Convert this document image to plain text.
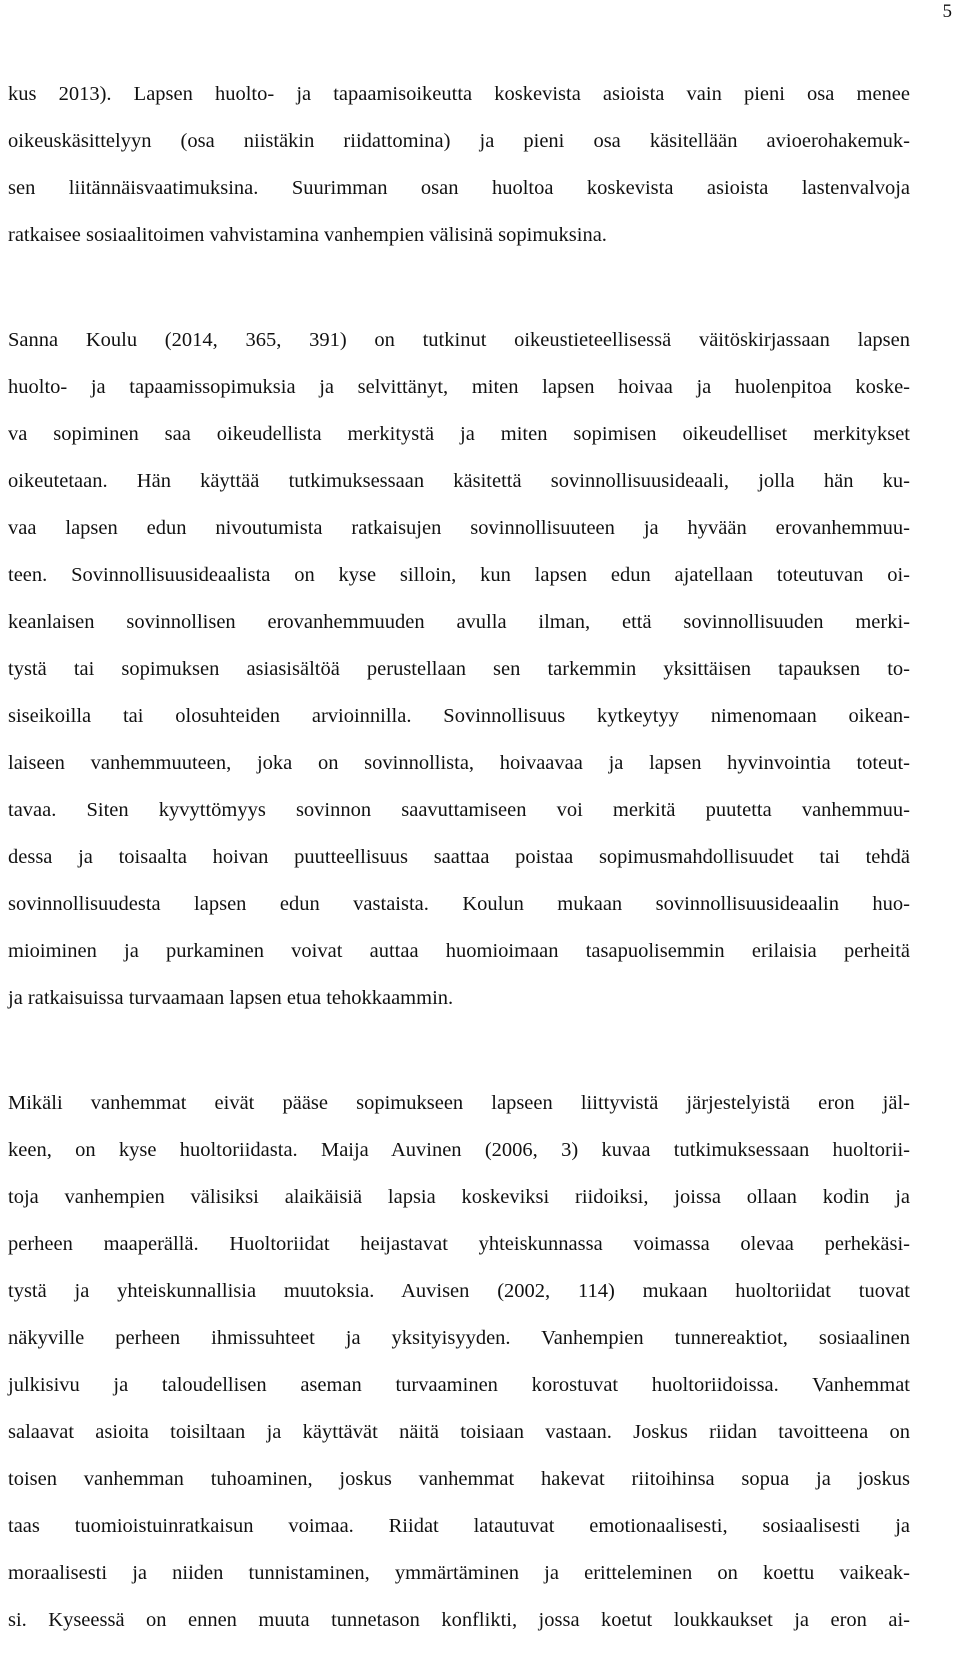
5
kus 2013). Lapsen huolto- ja tapaamisoikeutta koskevista asioista vain pieni osa menee
oikeuskäsittelyyn (osa niistäkin riidattomina) ja pieni osa käsitellään avioerohakemuk-
sen liitännäisvaatimuksina. Suurimman osan huoltoa koskevista asioista lastenvalvoja
ratkaisee sosiaalitoimen vahvistamina vanhempien välisinä sopimuksina.
Sanna Koulu (2014, 365, 391) on tutkinut oikeustieteellisessä väitöskirjassaan lapsen
huolto- ja tapaamissopimuksia ja selvittänyt, miten lapsen hoivaa ja huolenpitoa koske-
va sopiminen saa oikeudellista merkitystä ja miten sopimisen oikeudelliset merkitykset
oikeutetaan. Hän käyttää tutkimuksessaan käsitettä sovinnollisuusideaali, jolla hän ku-
vaa lapsen edun nivoutumista ratkaisujen sovinnollisuuteen ja hyvään erovanhemmuu-
teen. Sovinnollisuusideaalista on kyse silloin, kun lapsen edun ajatellaan toteutuvan oi-
keanlaisen sovinnollisen erovanhemmuuden avulla ilman, että sovinnollisuuden merki-
tystä tai sopimuksen asiasisältöä perustellaan sen tarkemmin yksittäisen tapauksen to-
siseikoilla tai olosuhteiden arvioinnilla. Sovinnollisuus kytkeytyy nimenomaan oikean-
laiseen vanhemmuuteen, joka on sovinnollista, hoivaavaa ja lapsen hyvinvointia toteut-
tavaa. Siten kyvyttömyys sovinnon saavuttamiseen voi merkitä puutetta vanhemmuu-
dessa ja toisaalta hoivan puutteellisuus saattaa poistaa sopimusmahdollisuudet tai tehdä
sovinnollisuudesta lapsen edun vastaista. Koulun mukaan sovinnollisuusideaalin huo-
mioiminen ja purkaminen voivat auttaa huomioimaan tasapuolisemmin erilaisia perheitä
ja ratkaisuissa turvaamaan lapsen etua tehokkaammin.
Mikäli vanhemmat eivät pääse sopimukseen lapseen liittyvistä järjestelyistä eron jäl-
keen, on kyse huoltoriidasta. Maija Auvinen (2006, 3) kuvaa tutkimuksessaan huoltorii-
toja vanhempien välisiksi alaikäisiä lapsia koskeviksi riidoiksi, joissa ollaan kodin ja
perheen maaperällä. Huoltoriidat heijastavat yhteiskunnassa voimassa olevaa perhekäsi-
tystä ja yhteiskunnallisia muutoksia. Auvisen (2002, 114) mukaan huoltoriidat tuovat
näkyville perheen ihmissuhteet ja yksityisyyden. Vanhempien tunnereaktiot, sosiaalinen
julkisivu ja taloudellisen aseman turvaaminen korostuvat huoltoriidoissa. Vanhemmat
salaavat asioita toisiltaan ja käyttävät näitä toisiaan vastaan. Joskus riidan tavoitteena on
toisen vanhemman tuhoaminen, joskus vanhemmat hakevat riitoihinsa sopua ja joskus
taas tuomioistuinratkaisun voimaa. Riidat latautuvat emotionaalisesti, sosiaalisesti ja
moraalisesti ja niiden tunnistaminen, ymmärtäminen ja erittelеminen on koettu vaikeak-
si. Kyseessä on ennen muuta tunnetason konflikti, jossa koetut loukkaukset ja eron ai-
